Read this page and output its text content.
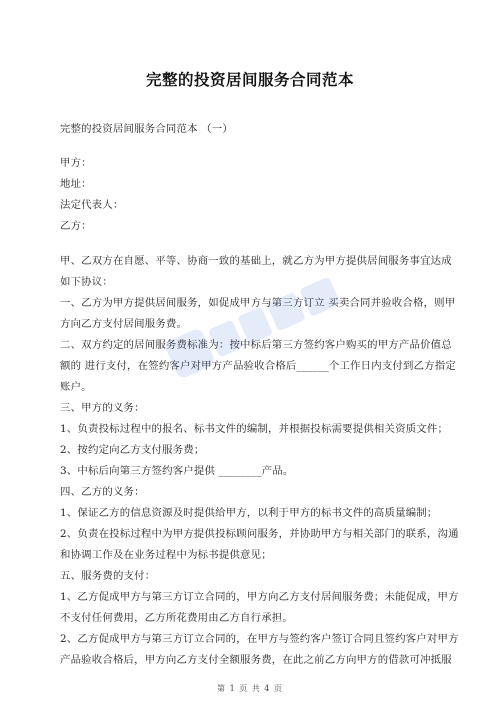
完整的投资居间服务合同范本
完整的投资居间服务合同范本 （一）
甲方：
地址：
法定代表人：
乙方：
甲、乙双方在自愿、平等、协商一致的基础上，就乙方为甲方提供居间服务事宜达成
如下协议：
一、乙方为甲方提供居间服务，如促成甲方与第三方订立 买卖合同并验收合格，则甲
方向乙方支付居间服务费。
二、双方约定的居间服务费标准为：按中标后第三方签约客户购买的甲方产品价值总
额的 进行支付，在签约客户对甲方产品验收合格后______个工作日内支付到乙方指定
账户。
三、甲方的义务：
1、负责投标过程中的报名、标书文件的编制，并根据投标需要提供相关资质文件；
2、按约定向乙方支付服务费；
3、中标后向第三方签约客户提供 ________产品。
四、乙方的义务：
1、保证乙方的信息资源及时提供给甲方，以利于甲方的标书文件的高质量编制；
2、负责在投标过程中为甲方提供投标顾问服务，并协助甲方与相关部门的联系，沟通
和协调工作及在业务过程中为标书提供意见；
五、服务费的支付：
1、乙方促成甲方与第三方订立合同的，甲方向乙方支付居间服务费；未能促成，甲方
不支付任何费用，乙方所花费用由乙方自行承担。
2、乙方促成甲方与第三方订立合同的，在甲方与签约客户签订合同且签约客户对甲方
产品验收合格后，甲方向乙方支付全额服务费，在此之前乙方向甲方的借款可冲抵服
第 1 页 共 4 页
